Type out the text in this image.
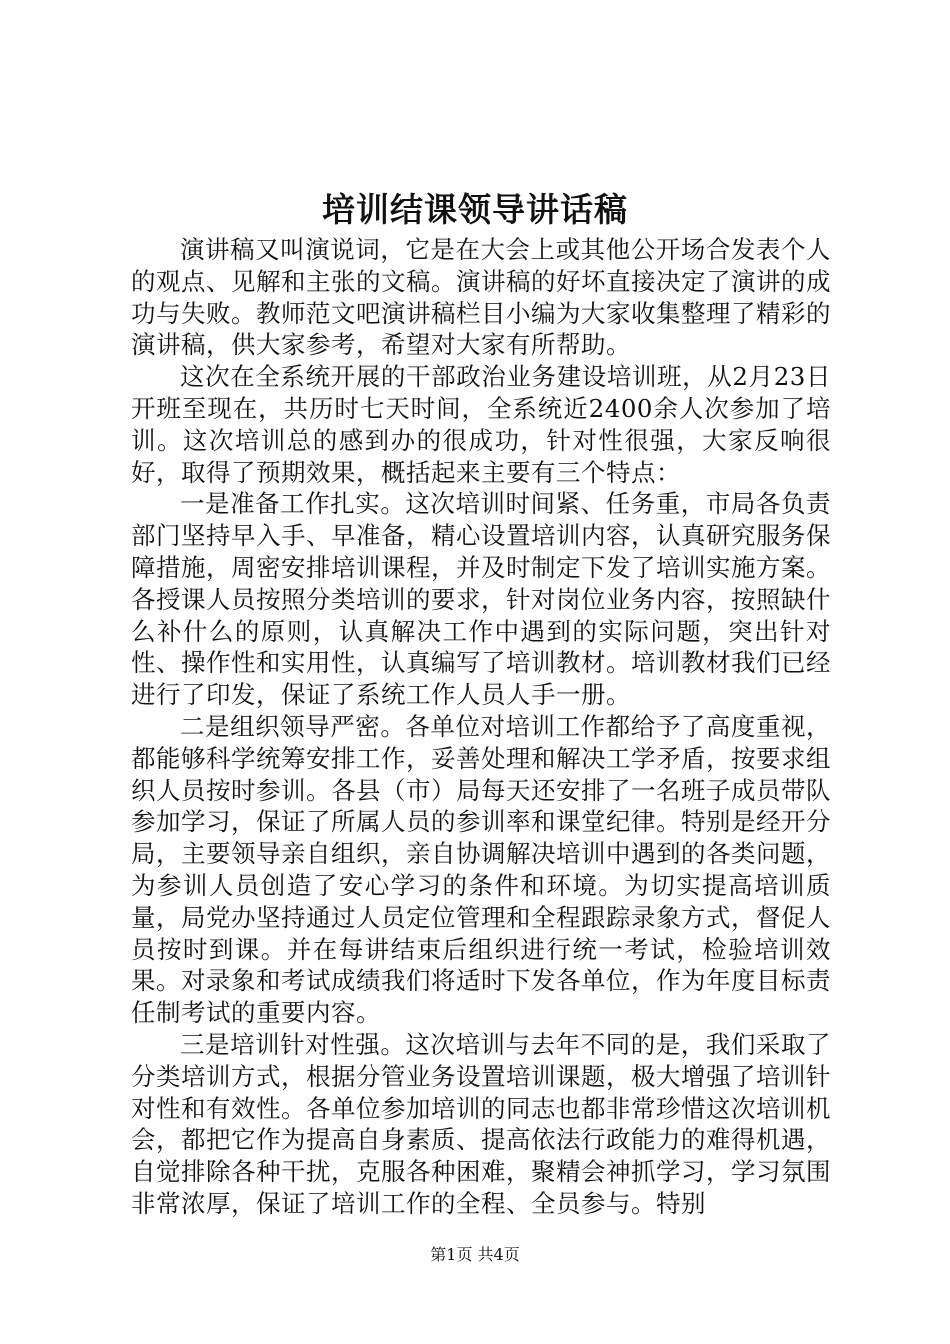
培训结课领导讲话稿

演讲稿又叫演说词，它是在大会上或其他公开场合发表个人的观点、见解和主张的文稿。演讲稿的好坏直接决定了演讲的成功与失败。教师范文吧演讲稿栏目小编为大家收集整理了精彩的演讲稿，供大家参考，希望对大家有所帮助。

这次在全系统开展的干部政治业务建设培训班，从2月23日开班至现在，共历时七天时间，全系统近2400余人次参加了培训。这次培训总的感到办的很成功，针对性很强，大家反响很好，取得了预期效果，概括起来主要有三个特点：

一是准备工作扎实。这次培训时间紧、任务重，市局各负责部门坚持早入手、早准备，精心设置培训内容，认真研究服务保障措施，周密安排培训课程，并及时制定下发了培训实施方案。各授课人员按照分类培训的要求，针对岗位业务内容，按照缺什么补什么的原则，认真解决工作中遇到的实际问题，突出针对性、操作性和实用性，认真编写了培训教材。培训教材我们已经进行了印发，保证了系统工作人员人手一册。

二是组织领导严密。各单位对培训工作都给予了高度重视，都能够科学统筹安排工作，妥善处理和解决工学矛盾，按要求组织人员按时参训。各县（市）局每天还安排了一名班子成员带队参加学习，保证了所属人员的参训率和课堂纪律。特别是经开分局，主要领导亲自组织，亲自协调解决培训中遇到的各类问题，为参训人员创造了安心学习的条件和环境。为切实提高培训质量，局党办坚持通过人员定位管理和全程跟踪录象方式，督促人员按时到课。并在每讲结束后组织进行统一考试，检验培训效果。对录象和考试成绩我们将适时下发各单位，作为年度目标责任制考试的重要内容。

三是培训针对性强。这次培训与去年不同的是，我们采取了分类培训方式，根据分管业务设置培训课题，极大增强了培训针对性和有效性。各单位参加培训的同志也都非常珍惜这次培训机会，都把它作为提高自身素质、提高依法行政能力的难得机遇，自觉排除各种干扰，克服各种困难，聚精会神抓学习，学习氛围非常浓厚，保证了培训工作的全程、全员参与。特别

第1页 共4页
